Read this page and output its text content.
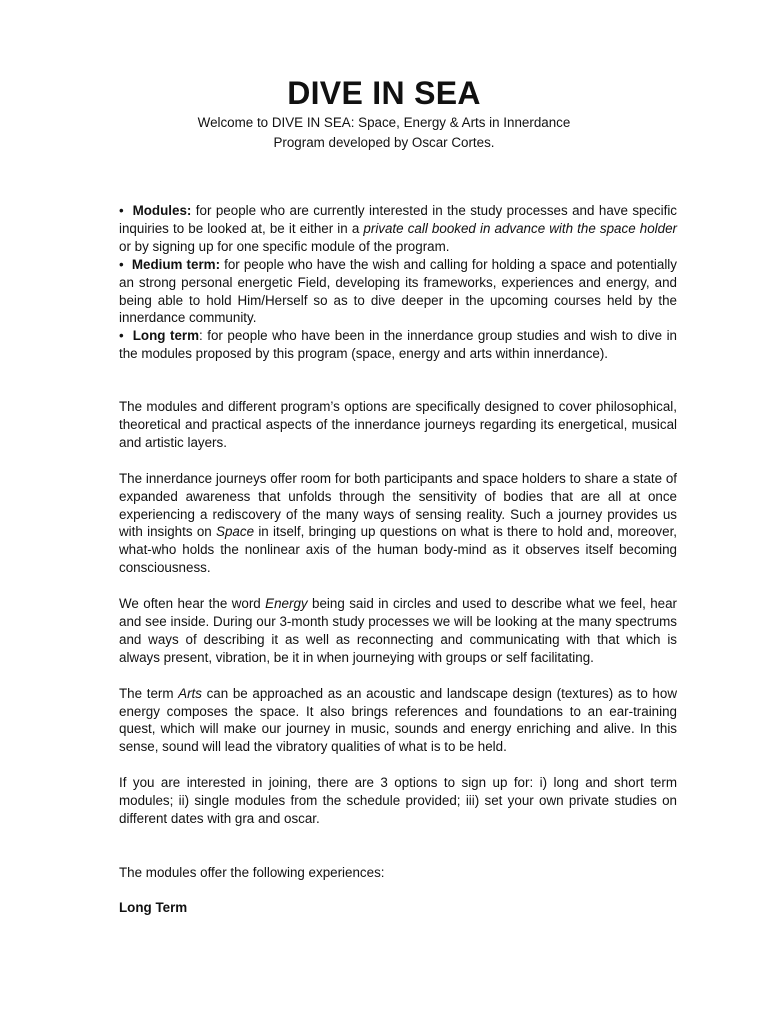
DIVE IN SEA
Welcome to DIVE IN SEA: Space, Energy & Arts in Innerdance
Program developed by Oscar Cortes.

• Modules: for people who are currently interested in the study processes and have specific inquiries to be looked at, be it either in a private call booked in advance with the space holder or by signing up for one specific module of the program.

• Medium term: for people who have the wish and calling for holding a space and potentially an strong personal energetic Field, developing its frameworks, experiences and energy, and being able to hold Him/Herself so as to dive deeper in the upcoming courses held by the innerdance community.

• Long term: for people who have been in the innerdance group studies and wish to dive in the modules proposed by this program (space, energy and arts within innerdance).

The modules and different program’s options are specifically designed to cover philosophical, theoretical and practical aspects of the innerdance journeys regarding its energetical, musical and artistic layers.

The innerdance journeys offer room for both participants and space holders to share a state of expanded awareness that unfolds through the sensitivity of bodies that are all at once experiencing a rediscovery of the many ways of sensing reality. Such a journey provides us with insights on Space in itself, bringing up questions on what is there to hold and, moreover, what-who holds the nonlinear axis of the human body-mind as it observes itself becoming consciousness.

We often hear the word Energy being said in circles and used to describe what we feel, hear and see inside. During our 3-month study processes we will be looking at the many spectrums and ways of describing it as well as reconnecting and communicating with that which is always present, vibration, be it in when journeying with groups or self facilitating.

The term Arts can be approached as an acoustic and landscape design (textures) as to how energy composes the space. It also brings references and foundations to an ear-training quest, which will make our journey in music, sounds and energy enriching and alive. In this sense, sound will lead the vibratory qualities of what is to be held.

If you are interested in joining, there are 3 options to sign up for: i) long and short term modules; ii) single modules from the schedule provided; iii) set your own private studies on different dates with gra and oscar.

The modules offer the following experiences:

Long Term
